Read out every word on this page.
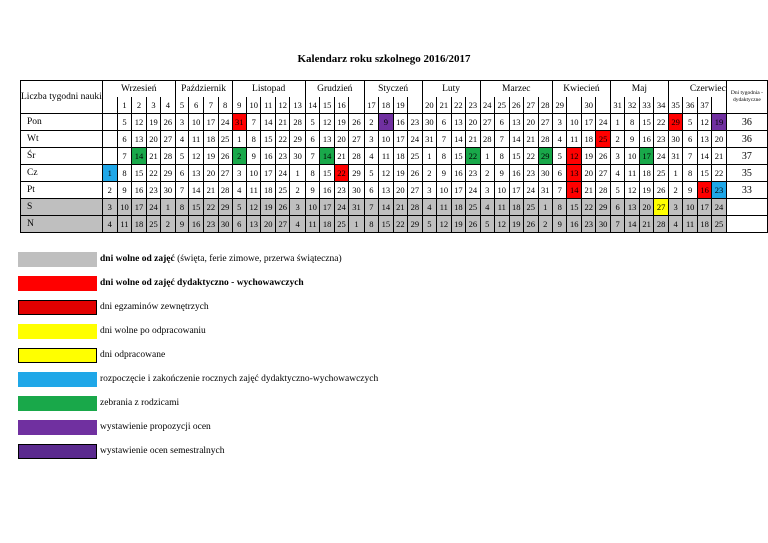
Kalendarz roku szkolnego 2016/2017
Liczba tygodni nauki	Wrzesień					Październik				Listopad					Grudzień				Styczeń				Luty				Marzec					Kwiecień				Maj				Czerwiec				Dni tygodnia - dydaktyczne
		1	2	3	4	5	6	7	8	9	10	11	12	13	14	15	16		17	18	19		20	21	22	23	24	25	26	27	28	29		30		31	32	33	34	35	36	37		
Pon		5	12	19	26	3	10	17	24	31	7	14	21	28	5	12	19	26	2	9	16	23	30	6	13	20	27	6	13	20	27	3	10	17	24	1	8	15	22	29	5	12	19	36
Wt		6	13	20	27	4	11	18	25	1	8	15	22	29	6	13	20	27	3	10	17	24	31	7	14	21	28	7	14	21	28	4	11	18	25	2	9	16	23	30	6	13	20	36
Śr		7	14	21	28	5	12	19	26	2	9	16	23	30	7	14	21	28	4	11	18	25	1	8	15	22	1	8	15	22	29	5	12	19	26	3	10	17	24	31	7	14	21	37
Cz	1	8	15	22	29	6	13	20	27	3	10	17	24	1	8	15	22	29	5	12	19	26	2	9	16	23	2	9	16	23	30	6	13	20	27	4	11	18	25	1	8	15	22	35
Pt	2	9	16	23	30	7	14	21	28	4	11	18	25	2	9	16	23	30	6	13	20	27	3	10	17	24	3	10	17	24	31	7	14	21	28	5	12	19	26	2	9	16	23	33
S	3	10	17	24	1	8	15	22	29	5	12	19	26	3	10	17	24	31	7	14	21	28	4	11	18	25	4	11	18	25	1	8	15	22	29	6	13	20	27	3	10	17	24	
N	4	11	18	25	2	9	16	23	30	6	13	20	27	4	11	18	25	1	8	15	22	29	5	12	19	26	5	12	19	26	2	9	16	23	30	7	14	21	28	4	11	18	25	
dni wolne od zajęć (święta, ferie zimowe, przerwa świąteczna)
dni wolne od zajęć dydaktyczno - wychowawczych
dni egzaminów zewnętrzych
dni wolne po odpracowaniu
dni odpracowane
rozpoczęcie i zakończenie rocznych zajęć dydaktyczno-wychowawczych
zebrania z rodzicami
wystawienie propozycji ocen
wystawienie ocen semestralnych
